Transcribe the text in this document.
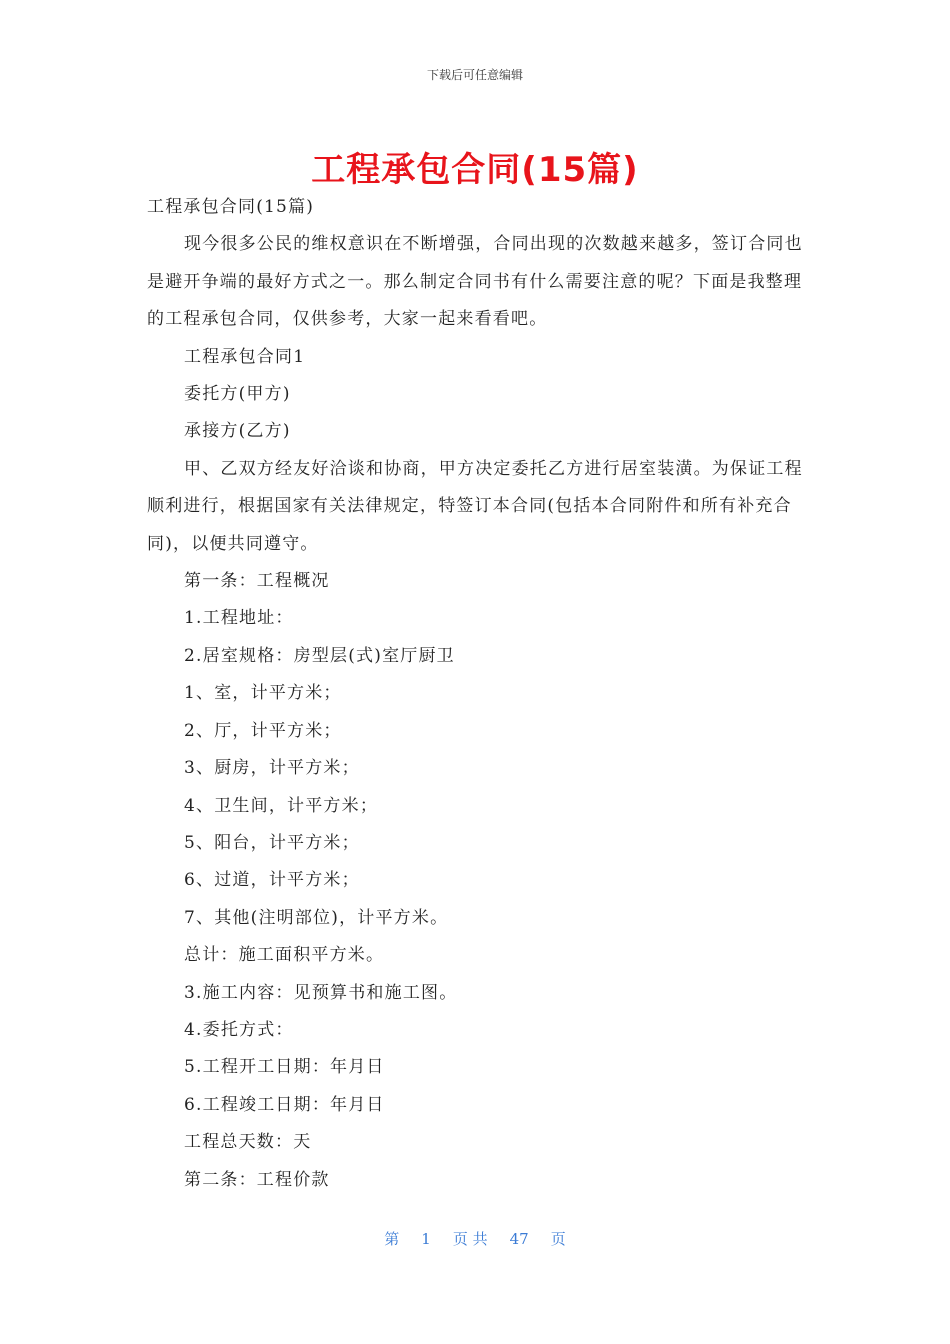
下载后可任意编辑
工程承包合同(15篇)

工程承包合同(15篇)

现今很多公民的维权意识在不断增强，合同出现的次数越来越多，签订合同也是避开争端的最好方式之一。那么制定合同书有什么需要注意的呢？下面是我整理的工程承包合同，仅供参考，大家一起来看看吧。

工程承包合同1

委托方(甲方)

承接方(乙方)

甲、乙双方经友好洽谈和协商，甲方决定委托乙方进行居室装潢。为保证工程顺利进行，根据国家有关法律规定，特签订本合同(包括本合同附件和所有补充合同)，以便共同遵守。

第一条：工程概况

1.工程地址：

2.居室规格：房型层(式)室厅厨卫

1、室，计平方米；

2、厅，计平方米；

3、厨房，计平方米；

4、卫生间，计平方米；

5、阳台，计平方米；

6、过道，计平方米；

7、其他(注明部位)，计平方米。

总计：施工面积平方米。

3.施工内容：见预算书和施工图。

4.委托方式：

5.工程开工日期：年月日

6.工程竣工日期：年月日

工程总天数：天

第二条：工程价款

第 1 页 共 47 页
